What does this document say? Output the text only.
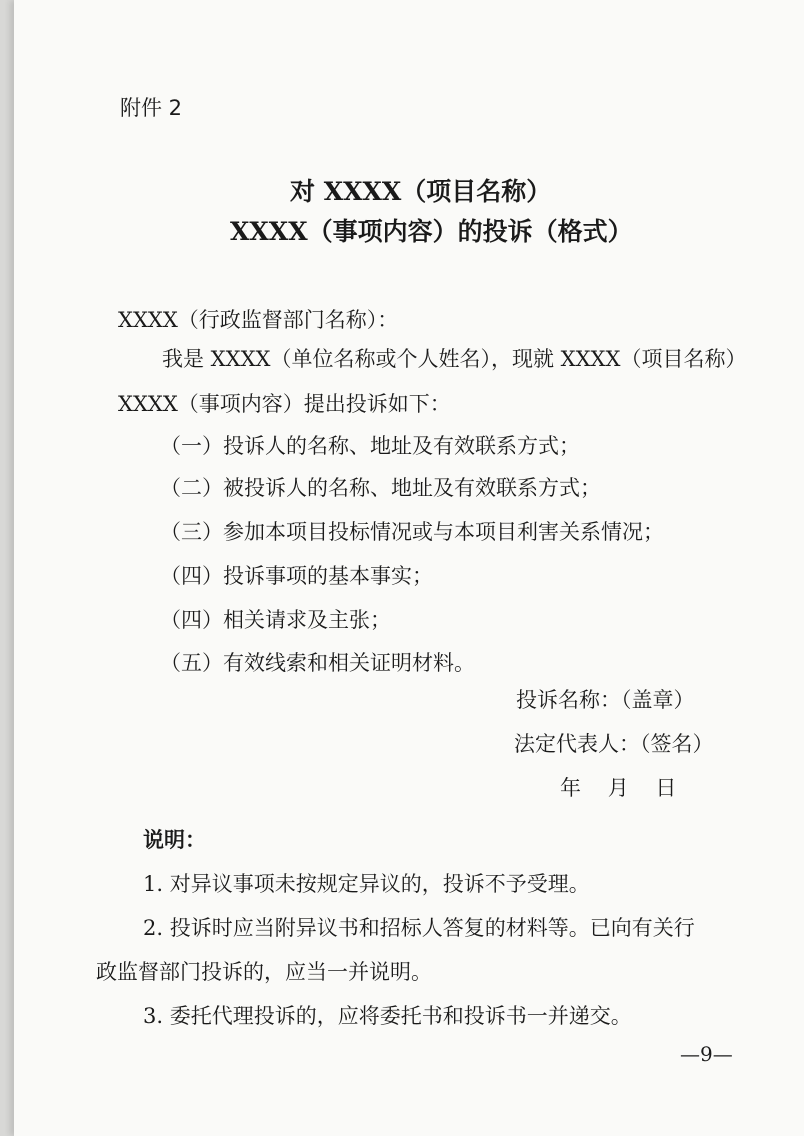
附件 2
对 XXXX（项目名称）
XXXX（事项内容）的投诉（格式）
XXXX（行政监督部门名称）：
我是 XXXX（单位名称或个人姓名），现就 XXXX（项目名称）
XXXX（事项内容）提出投诉如下：
（一）投诉人的名称、地址及有效联系方式；
（二）被投诉人的名称、地址及有效联系方式；
（三）参加本项目投标情况或与本项目利害关系情况；
（四）投诉事项的基本事实；
（四）相关请求及主张；
（五）有效线索和相关证明材料。
投诉名称：（盖章）
法定代表人：（签名）
年    月    日
说明：
1. 对异议事项未按规定异议的，投诉不予受理。
2. 投诉时应当附异议书和招标人答复的材料等。已向有关行
政监督部门投诉的，应当一并说明。
3. 委托代理投诉的，应将委托书和投诉书一并递交。
—9—
